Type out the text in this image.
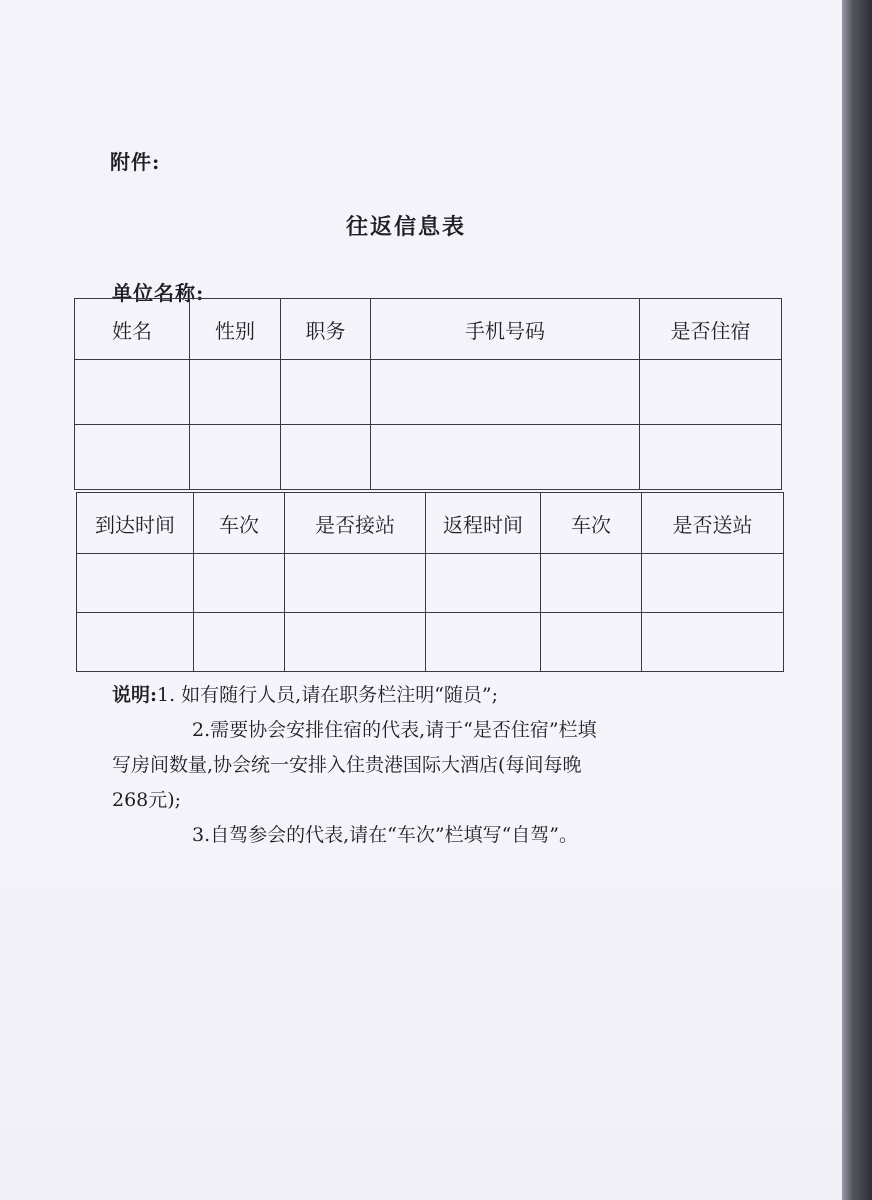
附件:
往返信息表
单位名称:
姓名	性别	职务	手机号码	是否住宿

到达时间	车次	是否接站	返程时间	车次	是否送站

说明:1. 如有随行人员,请在职务栏注明“随员”;

2.需要协会安排住宿的代表,请于“是否住宿”栏填

写房间数量,协会统一安排入住贵港国际大酒店(每间每晚

268元);

3.自驾参会的代表,请在“车次”栏填写“自驾”。
